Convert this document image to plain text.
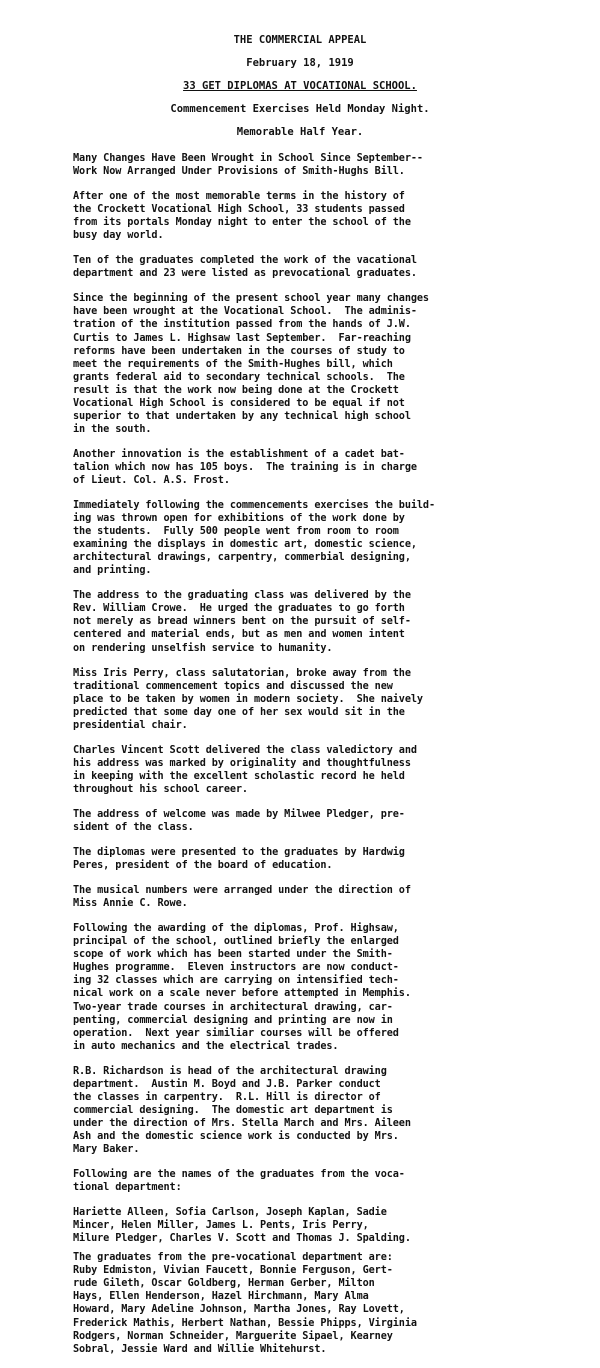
THE COMMERCIAL APPEAL
February 18, 1919
33 GET DIPLOMAS AT VOCATIONAL SCHOOL.
Commencement Exercises Held Monday Night.
Memorable Half Year.

Many Changes Have Been Wrought in School Since September--
Work Now Arranged Under Provisions of Smith-Hughs Bill.

After one of the most memorable terms in the history of
the Crockett Vocational High School, 33 students passed
from its portals Monday night to enter the school of the
busy day world.

Ten of the graduates completed the work of the vacational
department and 23 were listed as prevocational graduates.

Since the beginning of the present school year many changes
have been wrought at the Vocational School.  The adminis-
tration of the institution passed from the hands of J.W.
Curtis to James L. Highsaw last September.  Far-reaching
reforms have been undertaken in the courses of study to
meet the requirements of the Smith-Hughes bill, which
grants federal aid to secondary technical schools.  The
result is that the work now being done at the Crockett
Vocational High School is considered to be equal if not
superior to that undertaken by any technical high school
in the south.

Another innovation is the establishment of a cadet bat-
talion which now has 105 boys.  The training is in charge
of Lieut. Col. A.S. Frost.

Immediately following the commencements exercises the build-
ing was thrown open for exhibitions of the work done by
the students.  Fully 500 people went from room to room
examining the displays in domestic art, domestic science,
architectural drawings, carpentry, commerbial designing,
and printing.

The address to the graduating class was delivered by the
Rev. William Crowe.  He urged the graduates to go forth
not merely as bread winners bent on the pursuit of self-
centered and material ends, but as men and women intent
on rendering unselfish service to humanity.

Miss Iris Perry, class salutatorian, broke away from the
traditional commencement topics and discussed the new
place to be taken by women in modern society.  She naively
predicted that some day one of her sex would sit in the
presidential chair.

Charles Vincent Scott delivered the class valedictory and
his address was marked by originality and thoughtfulness
in keeping with the excellent scholastic record he held
throughout his school career.

The address of welcome was made by Milwee Pledger, pre-
sident of the class.

The diplomas were presented to the graduates by Hardwig
Peres, president of the board of education.

The musical numbers were arranged under the direction of
Miss Annie C. Rowe.

Following the awarding of the diplomas, Prof. Highsaw,
principal of the school, outlined briefly the enlarged
scope of work which has been started under the Smith-
Hughes programme.  Eleven instructors are now conduct-
ing 32 classes which are carrying on intensified tech-
nical work on a scale never before attempted in Memphis.
Two-year trade courses in architectural drawing, car-
penting, commercial designing and printing are now in
operation.  Next year similiar courses will be offered
in auto mechanics and the electrical trades.

R.B. Richardson is head of the architectural drawing
department.  Austin M. Boyd and J.B. Parker conduct
the classes in carpentry.  R.L. Hill is director of
commercial designing.  The domestic art department is
under the direction of Mrs. Stella March and Mrs. Aileen
Ash and the domestic science work is conducted by Mrs.
Mary Baker.

Following are the names of the graduates from the voca-
tional department:

Hariette Alleen, Sofia Carlson, Joseph Kaplan, Sadie
Mincer, Helen Miller, James L. Pents, Iris Perry,
Milure Pledger, Charles V. Scott and Thomas J. Spalding.

The graduates from the pre-vocational department are:
Ruby Edmiston, Vivian Faucett, Bonnie Ferguson, Gert-
rude Gileth, Oscar Goldberg, Herman Gerber, Milton
Hays, Ellen Henderson, Hazel Hirchmann, Mary Alma
Howard, Mary Adeline Johnson, Martha Jones, Ray Lovett,
Frederick Mathis, Herbert Nathan, Bessie Phipps, Virginia
Rodgers, Norman Schneider, Marguerite Sipael, Kearney
Sobral, Jessie Ward and Willie Whitehurst.
